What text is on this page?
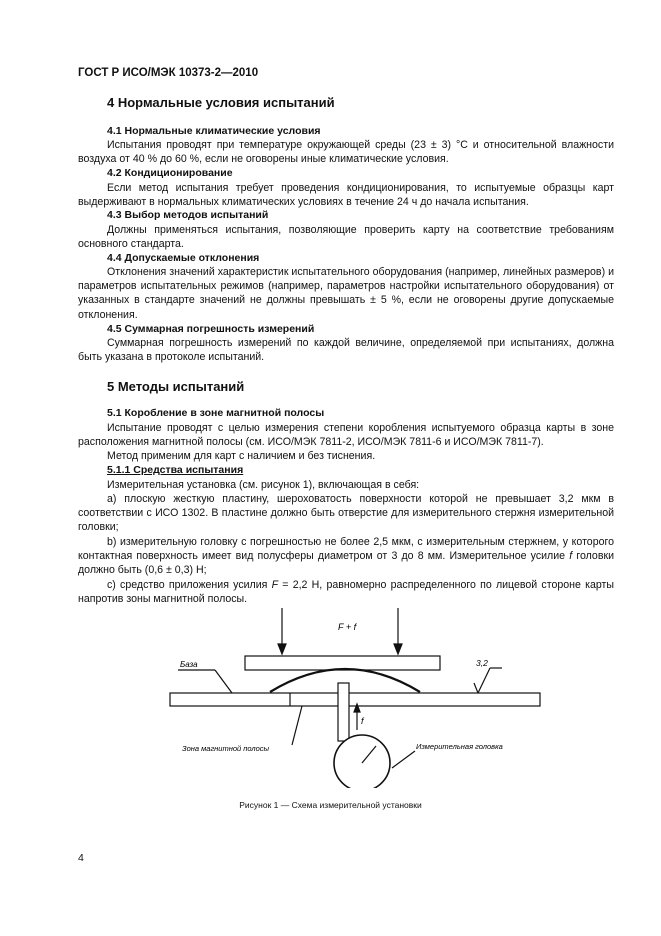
ГОСТ Р ИСО/МЭК 10373-2—2010
4 Нормальные условия испытаний
4.1 Нормальные климатические условия
Испытания проводят при температуре окружающей среды (23 ± 3) °С и относительной влажности воздуха от 40 % до 60 %, если не оговорены иные климатические условия.
4.2 Кондиционирование
Если метод испытания требует проведения кондиционирования, то испытуемые образцы карт выдерживают в нормальных климатических условиях в течение 24 ч до начала испытания.
4.3 Выбор методов испытаний
Должны применяться испытания, позволяющие проверить карту на соответствие требованиям основного стандарта.
4.4 Допускаемые отклонения
Отклонения значений характеристик испытательного оборудования (например, линейных размеров) и параметров испытательных режимов (например, параметров настройки испытательного оборудования) от указанных в стандарте значений не должны превышать ± 5 %, если не оговорены другие допускаемые отклонения.
4.5 Суммарная погрешность измерений
Суммарная погрешность измерений по каждой величине, определяемой при испытаниях, должна быть указана в протоколе испытаний.
5 Методы испытаний
5.1 Коробление в зоне магнитной полосы
Испытание проводят с целью измерения степени коробления испытуемого образца карты в зоне расположения магнитной полосы (см. ИСО/МЭК 7811-2, ИСО/МЭК 7811-6 и ИСО/МЭК 7811-7).
Метод применим для карт с наличием и без тиснения.
5.1.1 Средства испытания
Измерительная установка (см. рисунок 1), включающая в себя:
а) плоскую жесткую пластину, шероховатость поверхности которой не превышает 3,2 мкм в соответствии с ИСО 1302. В пластине должно быть отверстие для измерительного стержня измерительной головки;
b) измерительную головку с погрешностью не более 2,5 мкм, с измерительным стержнем, у которого контактная поверхность имеет вид полусферы диаметром от 3 до 8 мм. Измерительное усилие f головки должно быть (0,6 ± 0,3) Н;
с) средство приложения усилия F = 2,2 Н, равномерно распределенного по лицевой стороне карты напротив зоны магнитной полосы.
F + f
База	3,2
f
Зона магнитной полосы	Измерительная головка
Рисунок 1 — Схема измерительной установки
4
